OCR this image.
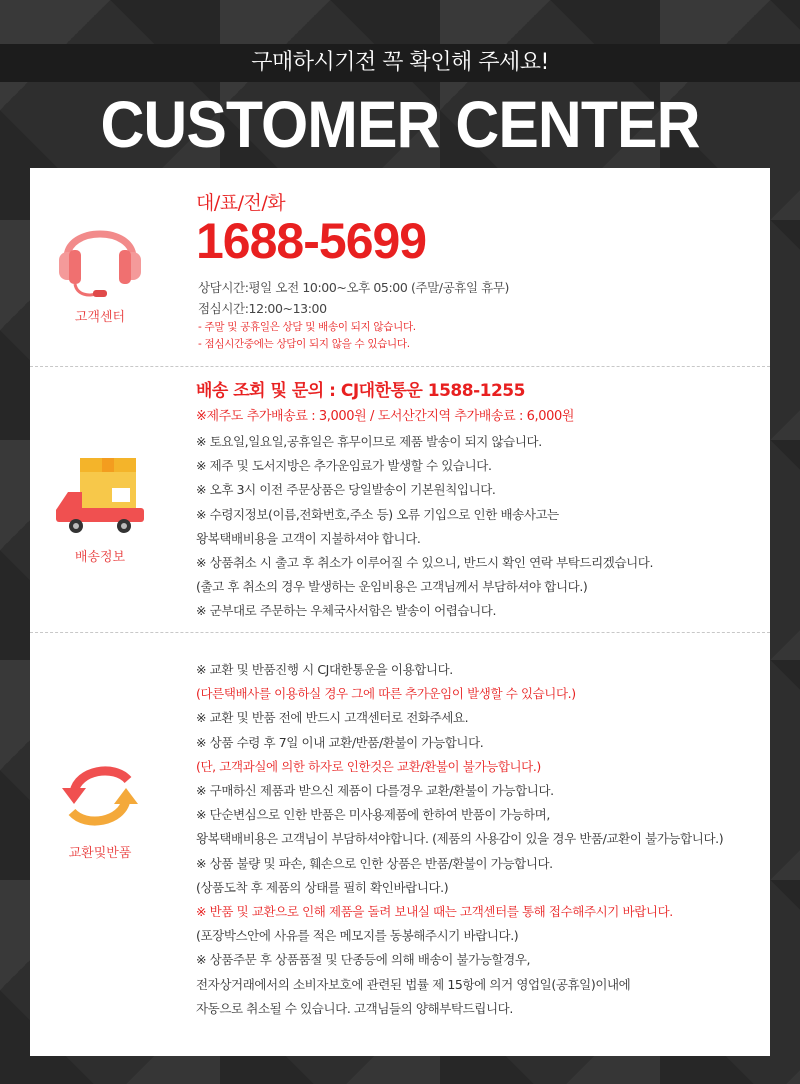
구매하시기전 꼭 확인해 주세요!
CUSTOMER CENTER
고객센터
대/표/전/화
1688-5699
상담시간:평일 오전 10:00~오후 05:00 (주말/공휴일 휴무)
점심시간:12:00~13:00
- 주말 및 공휴일은 상담 및 배송이 되지 않습니다.
- 점심시간중에는 상담이 되지 않을 수 있습니다.
배송정보
배송 조회 및 문의 : CJ대한통운 1588-1255
※제주도 추가배송료 : 3,000원 / 도서산간지역 추가배송료 : 6,000원
※ 토요일,일요일,공휴일은 휴무이므로 제품 발송이 되지 않습니다.
※ 제주 및 도서지방은 추가운임료가 발생할 수 있습니다.
※ 오후 3시 이전 주문상품은 당일발송이 기본원칙입니다.
※ 수령지정보(이름,전화번호,주소 등) 오류 기입으로 인한 배송사고는
왕복택배비용을 고객이 지불하셔야 합니다.
※ 상품취소 시 출고 후 취소가 이루어질 수 있으니, 반드시 확인 연락 부탁드리겠습니다.
(출고 후 취소의 경우 발생하는 운임비용은 고객님께서 부담하셔야 합니다.)
※ 군부대로 주문하는 우체국사서함은 발송이 어렵습니다.
교환및반품
※ 교환 및 반품진행 시 CJ대한통운을 이용합니다.
(다른택배사를 이용하실 경우 그에 따른 추가운임이 발생할 수 있습니다.)
※ 교환 및 반품 전에 반드시 고객센터로 전화주세요.
※ 상품 수령 후 7일 이내 교환/반품/환불이 가능합니다.
(단, 고객과실에 의한 하자로 인한것은 교환/환불이 불가능합니다.)
※ 구매하신 제품과 받으신 제품이 다를경우 교환/환불이 가능합니다.
※ 단순변심으로 인한 반품은 미사용제품에 한하여 반품이 가능하며,
왕복택배비용은 고객님이 부담하셔야합니다. (제품의 사용감이 있을 경우 반품/교환이 불가능합니다.)
※ 상품 불량 및 파손, 훼손으로 인한 상품은 반품/환불이 가능합니다.
(상품도착 후 제품의 상태를 필히 확인바랍니다.)
※ 반품 및 교환으로 인해 제품을 돌려 보내실 때는 고객센터를 통해 접수해주시기 바랍니다.
(포장박스안에 사유를 적은 메모지를 동봉해주시기 바랍니다.)
※ 상품주문 후 상품품절 및 단종등에 의해 배송이 불가능할경우,
전자상거래에서의 소비자보호에 관련된 법률 제 15항에 의거 영업일(공휴일)이내에
자동으로 취소될 수 있습니다. 고객님들의 양해부탁드립니다.
